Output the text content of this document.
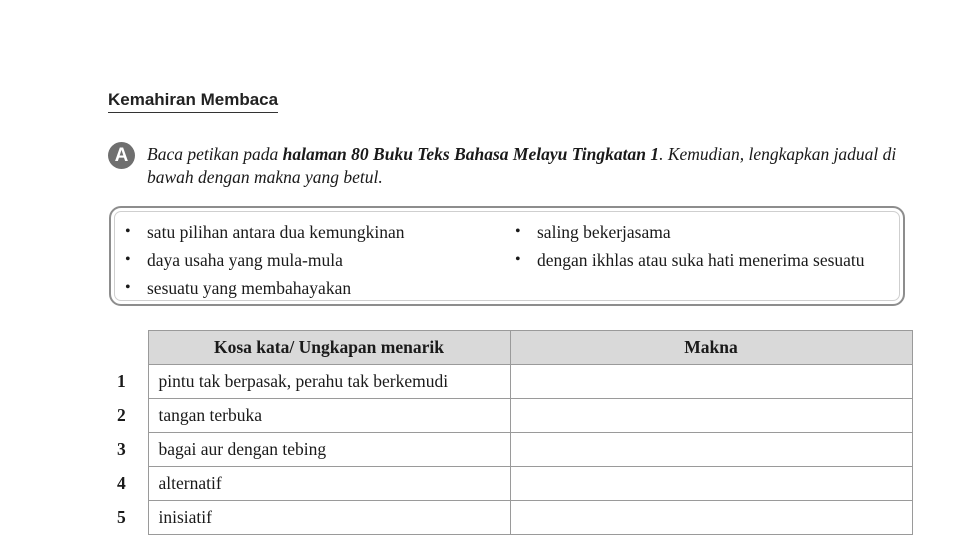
Kemahiran Membaca
A	Baca petikan pada halaman 80 Buku Teks Bahasa Melayu Tingkatan 1. Kemudian, lengkapkan jadual di bawah dengan makna yang betul.
• satu pilihan antara dua kemungkinan
• daya usaha yang mula-mula
• sesuatu yang membahayakan
• saling bekerjasama
• dengan ikhlas atau suka hati menerima sesuatu
	Kosa kata/ Ungkapan menarik	Makna
1	pintu tak berpasak, perahu tak berkemudi	
2	tangan terbuka	
3	bagai aur dengan tebing	
4	alternatif	
5	inisiatif	
